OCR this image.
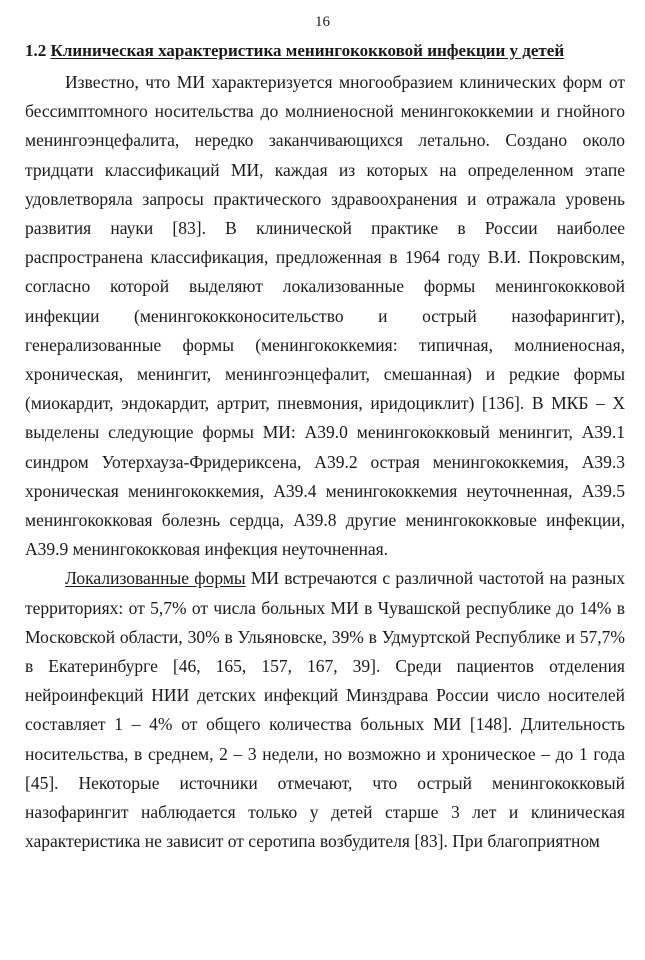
16
1.2 Клиническая характеристика менингококковой инфекции у детей

Известно, что МИ характеризуется многообразием клинических форм от бессимптомного носительства до молниеносной менингококкемии и гнойного менингоэнцефалита, нередко заканчивающихся летально. Создано около тридцати классификаций МИ, каждая из которых на определенном этапе удовлетворяла запросы практического здравоохранения и отражала уровень развития науки [83]. В клинической практике в России наиболее распространена классификация, предложенная в 1964 году В.И. Покровским, согласно которой выделяют локализованные формы менингококковой инфекции (менингококконосительство и острый назофарингит), генерализованные формы (менингококкемия: типичная, молниеносная, хроническая, менингит, менингоэнцефалит, смешанная) и редкие формы (миокардит, эндокардит, артрит, пневмония, иридоциклит) [136]. В МКБ – X выделены следующие формы МИ: А39.0 менингококковый менингит, А39.1 синдром Уотерхауза-Фридериксена, А39.2 острая менингококкемия, А39.3 хроническая менингококкемия, А39.4 менингококкемия неуточненная, А39.5 менингококковая болезнь сердца, А39.8 другие менингококковые инфекции, А39.9 менингококковая инфекция неуточненная.

Локализованные формы МИ встречаются с различной частотой на разных территориях: от 5,7% от числа больных МИ в Чувашской республике до 14% в Московской области, 30% в Ульяновске, 39% в Удмуртской Республике и 57,7% в Екатеринбурге [46, 165, 157, 167, 39]. Среди пациентов отделения нейроинфекций НИИ детских инфекций Минздрава России число носителей составляет 1 – 4% от общего количества больных МИ [148]. Длительность носительства, в среднем, 2 – 3 недели, но возможно и хроническое – до 1 года [45]. Некоторые источники отмечают, что острый менингококковый назофарингит наблюдается только у детей старше 3 лет и клиническая характеристика не зависит от серотипа возбудителя [83]. При благоприятном
